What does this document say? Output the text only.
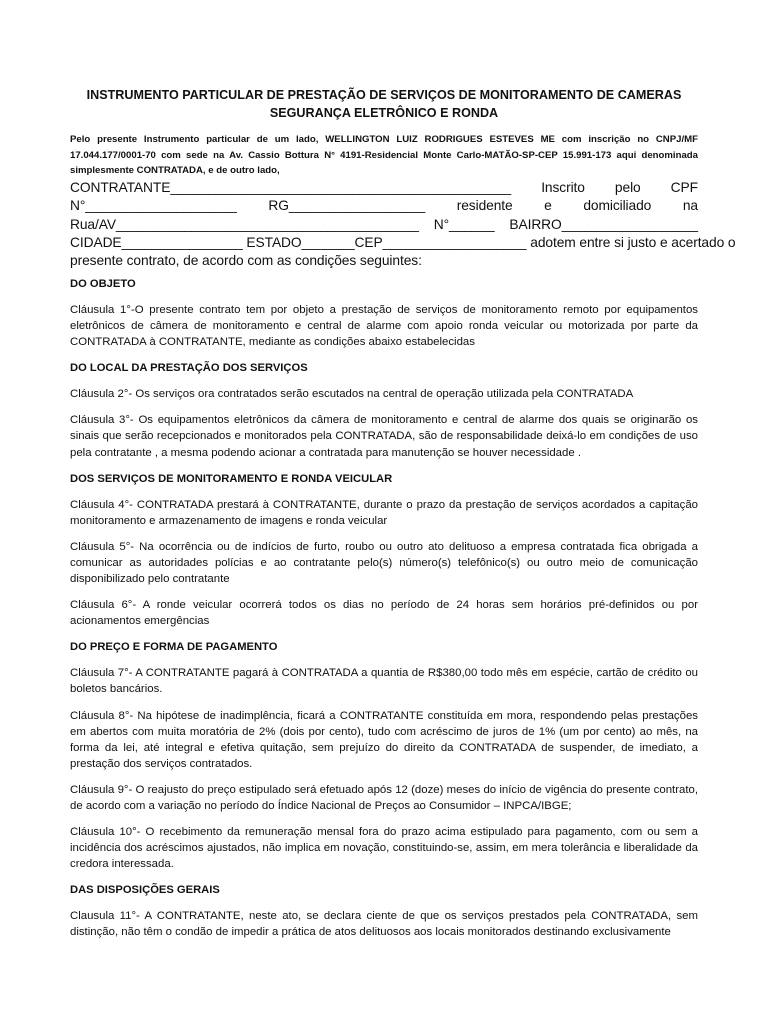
INSTRUMENTO PARTICULAR DE PRESTAÇÃO DE SERVIÇOS DE MONITORAMENTO DE CAMERAS
SEGURANÇA ELETRÔNICO E RONDA
Pelo presente Instrumento particular de um lado, WELLINGTON LUIZ RODRIGUES ESTEVES ME com inscrição no CNPJ/MF 17.044.177/0001-70 com sede na Av. Cassio Bottura N° 4191-Residencial Monte Carlo-MATÃO-SP-CEP 15.991-173 aqui denominada simplesmente CONTRATADA, e de outro lado,
CONTRATANTE_____________________________________________ Inscrito pelo CPF
N°____________________ RG__________________ residente e domiciliado na
Rua/AV________________________________________ N°______ BAIRRO__________________
CIDADE________________ ESTADO_______CEP___________________ adotem entre si justo e acertado o
presente contrato, de acordo com as condições seguintes:
DO OBJETO

Cláusula 1°-O presente contrato tem por objeto a prestação de serviços de monitoramento remoto por equipamentos eletrônicos de câmera de monitoramento e central de alarme com apoio ronda veicular ou motorizada por parte da CONTRATADA à CONTRATANTE, mediante as condições abaixo estabelecidas

DO LOCAL DA PRESTAÇÃO DOS SERVIÇOS

Cláusula 2°- Os serviços ora contratados serão escutados na central de operação utilizada pela CONTRATADA

Cláusula 3°- Os equipamentos eletrônicos da câmera de monitoramento e central de alarme dos quais se originarão os sinais que serão recepcionados e monitorados pela CONTRATADA, são de responsabilidade deixá-lo em condições de uso pela contratante , a mesma podendo acionar a contratada para manutenção se houver necessidade .

DOS SERVIÇOS DE MONITORAMENTO E RONDA VEICULAR

Cláusula 4°- CONTRATADA prestará à CONTRATANTE, durante o prazo da prestação de serviços acordados a capitação monitoramento e armazenamento de imagens e ronda veicular

Cláusula 5°- Na ocorrência ou de indícios de furto, roubo ou outro ato delituoso a empresa contratada fica obrigada a comunicar as autoridades polícias e ao contratante pelo(s) número(s) telefônico(s) ou outro meio de comunicação disponibilizado pelo contratante

Cláusula 6°- A ronde veicular ocorrerá todos os dias no período de 24 horas sem horários pré-definidos ou por acionamentos emergências

DO PREÇO E FORMA DE PAGAMENTO

Cláusula 7°- A CONTRATANTE pagará à CONTRATADA a quantia de R$380,00 todo mês em espécie, cartão de crédito ou boletos bancários.

Cláusula 8°- Na hipótese de inadimplência, ficará a CONTRATANTE constituída em mora, respondendo pelas prestações em abertos com muita moratória de 2% (dois por cento), tudo com acréscimo de juros de 1% (um por cento) ao mês, na forma da lei, até integral e efetiva quitação, sem prejuízo do direito da CONTRATADA de suspender, de imediato, a prestação dos serviços contratados.

Cláusula 9°- O reajusto do preço estipulado será efetuado após 12 (doze) meses do início de vigência do presente contrato, de acordo com a variação no período do Índice Nacional de Preços ao Consumidor – INPCA/IBGE;

Cláusula 10°- O recebimento da remuneração mensal fora do prazo acima estipulado para pagamento, com ou sem a incidência dos acréscimos ajustados, não implica em novação, constituindo-se, assim, em mera tolerância e liberalidade da credora interessada.

DAS DISPOSIÇÕES GERAIS

Clausula 11°- A CONTRATANTE, neste ato, se declara ciente de que os serviços prestados pela CONTRATADA, sem distinção, não têm o condão de impedir a prática de atos delituosos aos locais monitorados destinando exclusivamente
